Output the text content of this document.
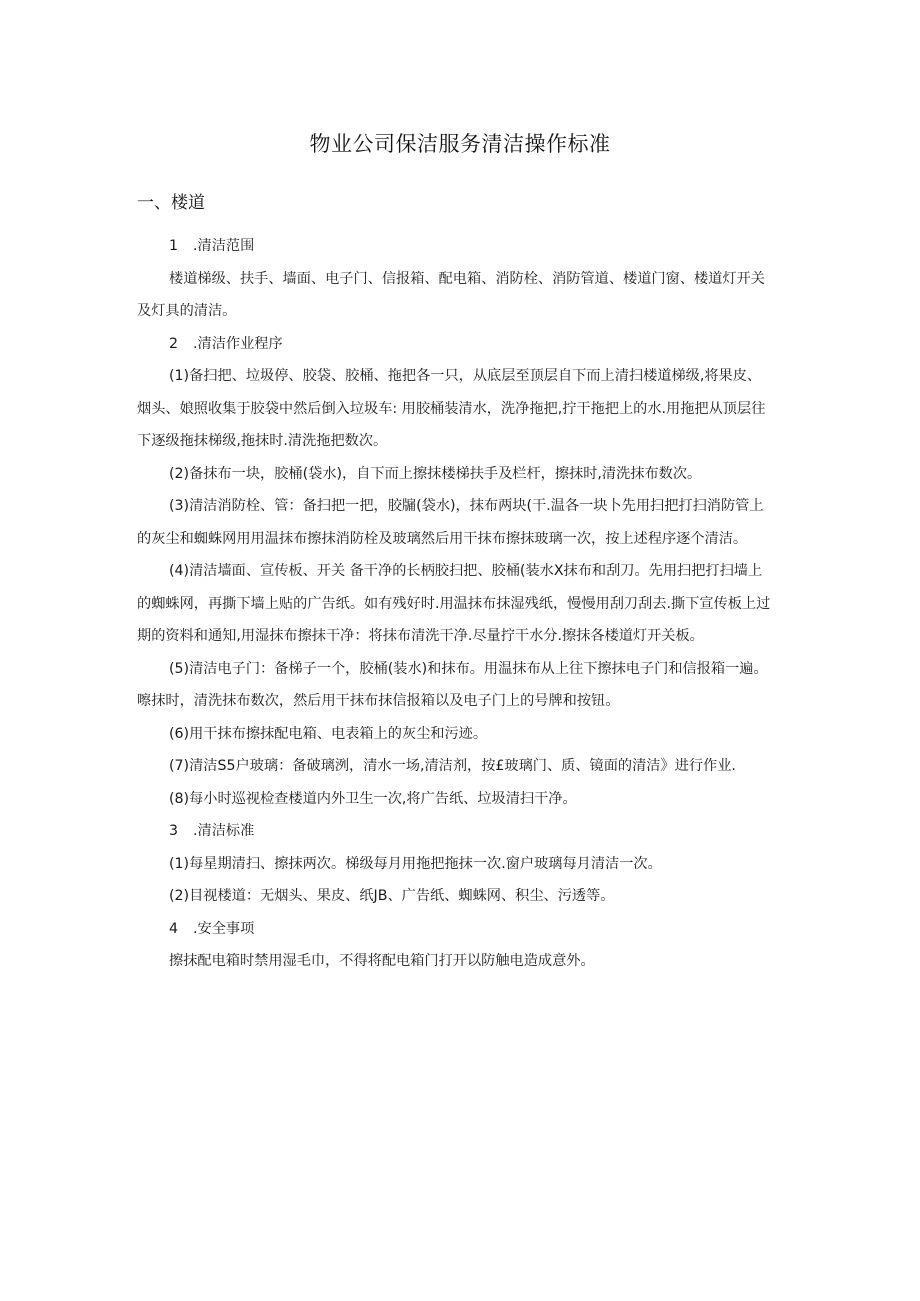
物业公司保洁服务清洁操作标准
一、楼道
1 .清洁范围
楼道梯级、扶手、墙面、电子门、信报箱、配电箱、消防栓、消防管道、楼道门窗、楼道灯开关
及灯具的清洁。
2 .清洁作业程序
(1)备扫把、垃圾停、胶袋、胶桶、拖把各一只，从底层至顶层自下而上清扫楼道梯级,将果皮、
烟头、娘照收集于胶袋中然后倒入垃圾车: 用胶桶装清水，洗净拖把,拧干拖把上的水.用拖把从顶层往
下逐级拖抹梯级,拖抹时.清洗拖把数次。
(2)备抹布一块，胶桶(袋水)，自下而上擦抹楼梯扶手及栏杆，擦抹时,清洗抹布数次。
(3)清洁消防栓、管：备扫把一把，胶牖(袋水)，抹布两块(干.温各一块卜先用扫把打扫消防管上
的灰尘和蜘蛛网用用温抹布擦抹消防栓及玻璃然后用干抹布擦抹玻璃一次，按上述程序逐个清洁。
(4)清洁墙面、宣传板、开关 备干净的长柄胶扫把、胶桶(装水X抹布和刮刀。先用扫把打扫墙上
的蜘蛛网，再撕下墙上贴的广告纸。如有残好时.用温抹布抹湿残纸，慢慢用刮刀刮去.撕下宣传板上过
期的资料和通知,用湿抹布擦抹干净：将抹布清洗干净.尽量拧干水分.擦抹各楼道灯开关板。
(5)清洁电子门：备梯子一个，胶桶(装水)和抹布。用温抹布从上往下擦抹电子门和信报箱一遍。
嚓抹时，清洗抹布数次，然后用干抹布抹信报箱以及电子门上的号牌和按钮。
(6)用干抹布擦抹配电箱、电表箱上的灰尘和污迹。
(7)清洁S5户玻璃：备破璃洌，清水一场,清洁剂，按£玻璃门、质、镜面的清洁》进行作业.
(8)每小时巡视检查楼道内外卫生一次,将广告纸、垃圾清扫干净。
3 .清洁标准
(1)每星期清扫、擦抹两次。梯级每月用拖把拖抹一次.窗户玻璃每月清洁一次。
(2)目视楼道：无烟头、果皮、纸JB、广告纸、蜘蛛网、积尘、污透等。
4 .安全事项
擦抹配电箱时禁用湿毛巾，不得将配电箱门打开以防触电造成意外。
